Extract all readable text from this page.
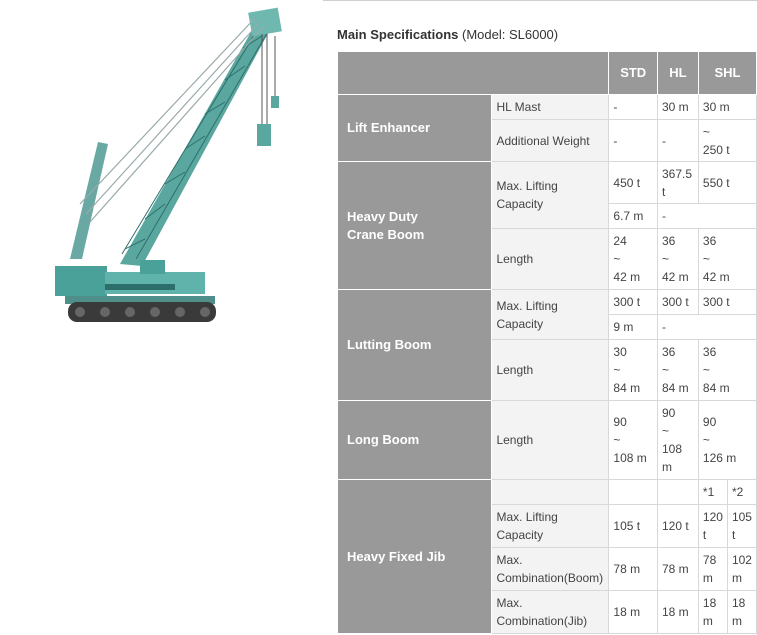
Main Specifications (Model: SL6000)
		STD	HL	SHL	
Lift Enhancer	HL Mast	-	30 m	30 m	
	Additional Weight	-	-	~
250 t	
Heavy Duty
Crane Boom	Max. Lifting
Capacity	450 t	367.5
t	550 t	
		6.7 m	-		
	Length	24
~
42 m	36
~
42 m	36
~
42 m	
Lutting Boom	Max. Lifting
Capacity	300 t	300 t	300 t	
		9 m	-		
	Length	30
~
84 m	36
~
84 m	36
~
84 m	
Long Boom	Length	90
~
108 m	90
~
108
m	90
~
126 m	
Heavy Fixed Jib				*1	*2
	Max. Lifting
Capacity	105 t	120 t	120
t	105
t
	Max.
Combination(Boom)	78 m	78 m	78
m	102
m
	Max.
Combination(Jib)	18 m	18 m	18
m	18
m
